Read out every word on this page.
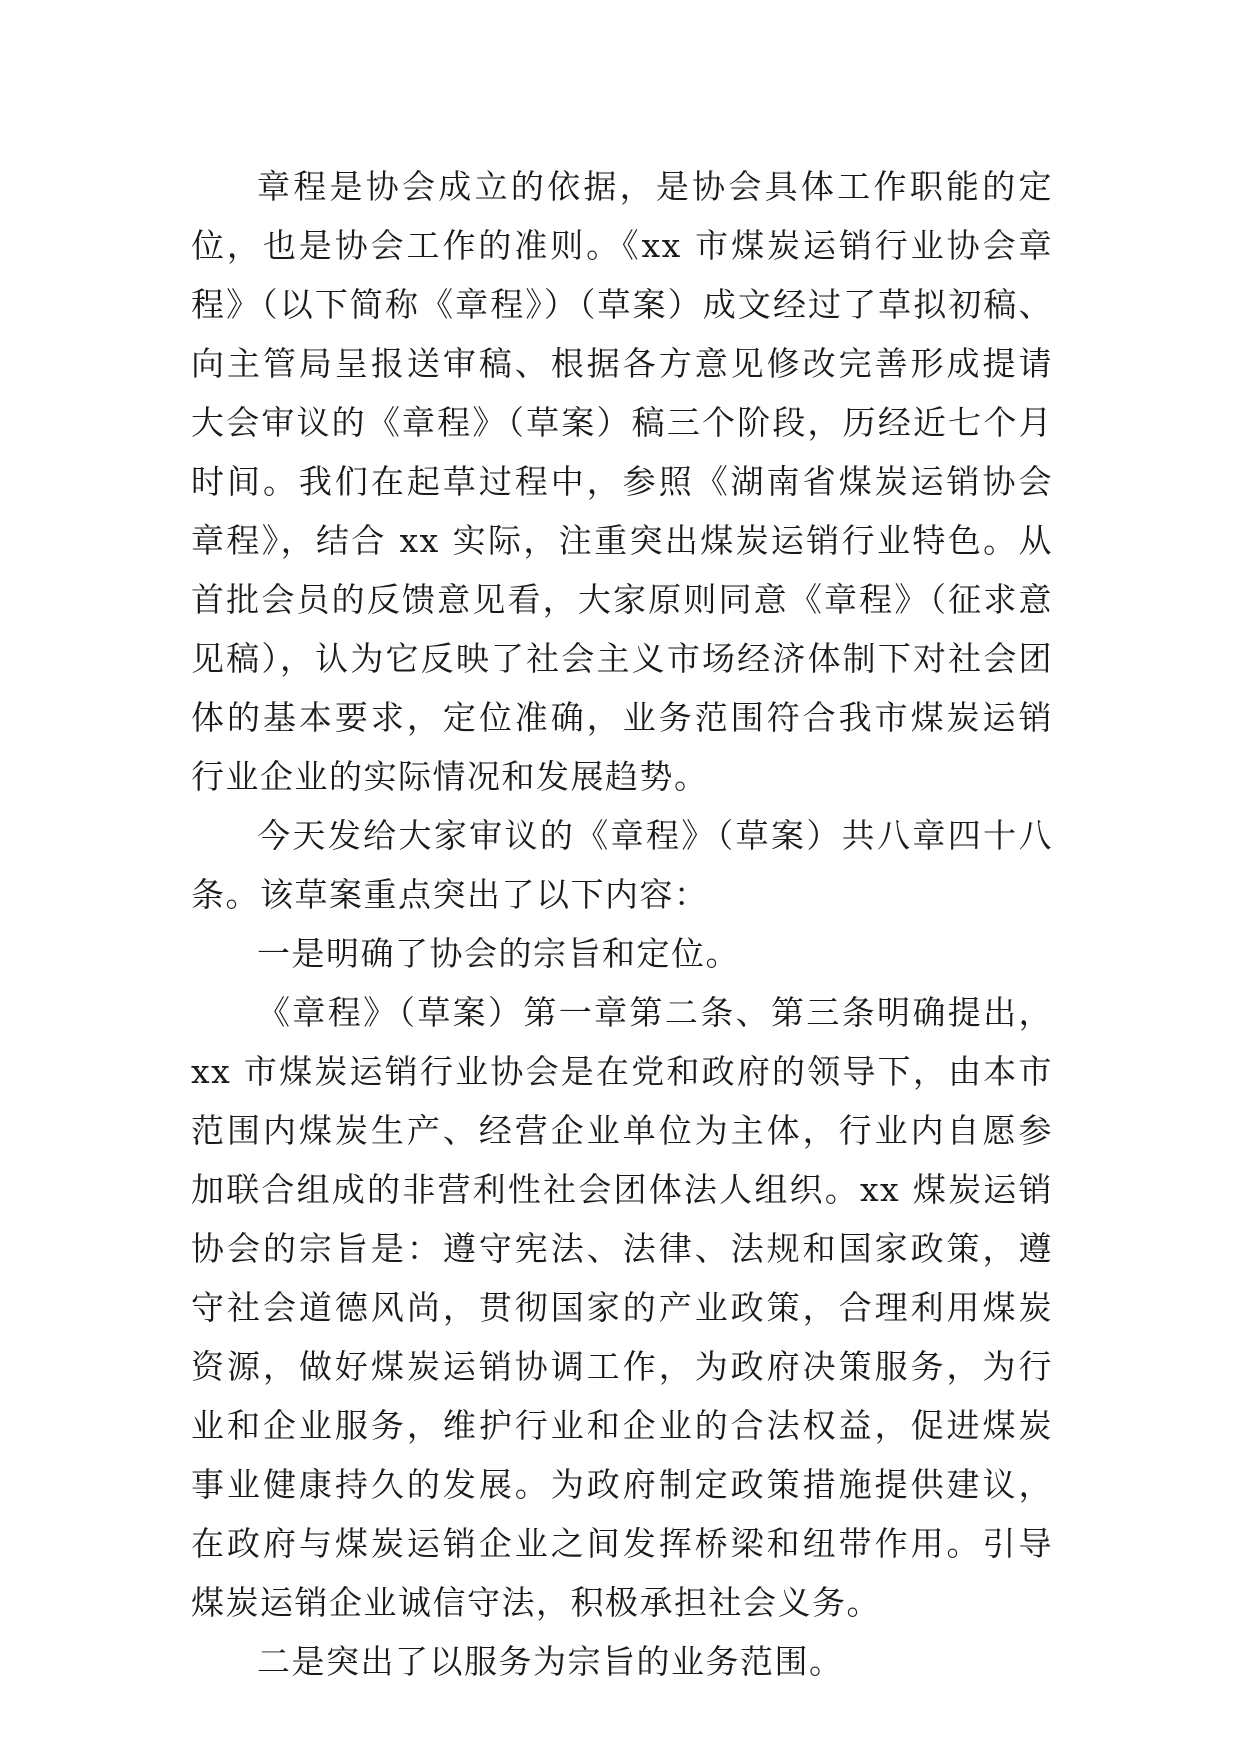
章程是协会成立的依据，是协会具体工作职能的定位，也是协会工作的准则。《xx 市煤炭运销行业协会章程》（以下简称《章程》）（草案）成文经过了草拟初稿、向主管局呈报送审稿、根据各方意见修改完善形成提请大会审议的《章程》（草案）稿三个阶段，历经近七个月时间。我们在起草过程中，参照《湖南省煤炭运销协会章程》，结合 xx 实际，注重突出煤炭运销行业特色。从首批会员的反馈意见看，大家原则同意《章程》（征求意见稿），认为它反映了社会主义市场经济体制下对社会团体的基本要求，定位准确，业务范围符合我市煤炭运销行业企业的实际情况和发展趋势。

今天发给大家审议的《章程》（草案）共八章四十八条。该草案重点突出了以下内容：

一是明确了协会的宗旨和定位。

《章程》（草案）第一章第二条、第三条明确提出，xx 市煤炭运销行业协会是在党和政府的领导下，由本市范围内煤炭生产、经营企业单位为主体，行业内自愿参加联合组成的非营利性社会团体法人组织。xx 煤炭运销协会的宗旨是：遵守宪法、法律、法规和国家政策，遵守社会道德风尚，贯彻国家的产业政策，合理利用煤炭资源，做好煤炭运销协调工作，为政府决策服务，为行业和企业服务，维护行业和企业的合法权益，促进煤炭事业健康持久的发展。为政府制定政策措施提供建议，在政府与煤炭运销企业之间发挥桥梁和纽带作用。引导煤炭运销企业诚信守法，积极承担社会义务。

二是突出了以服务为宗旨的业务范围。
